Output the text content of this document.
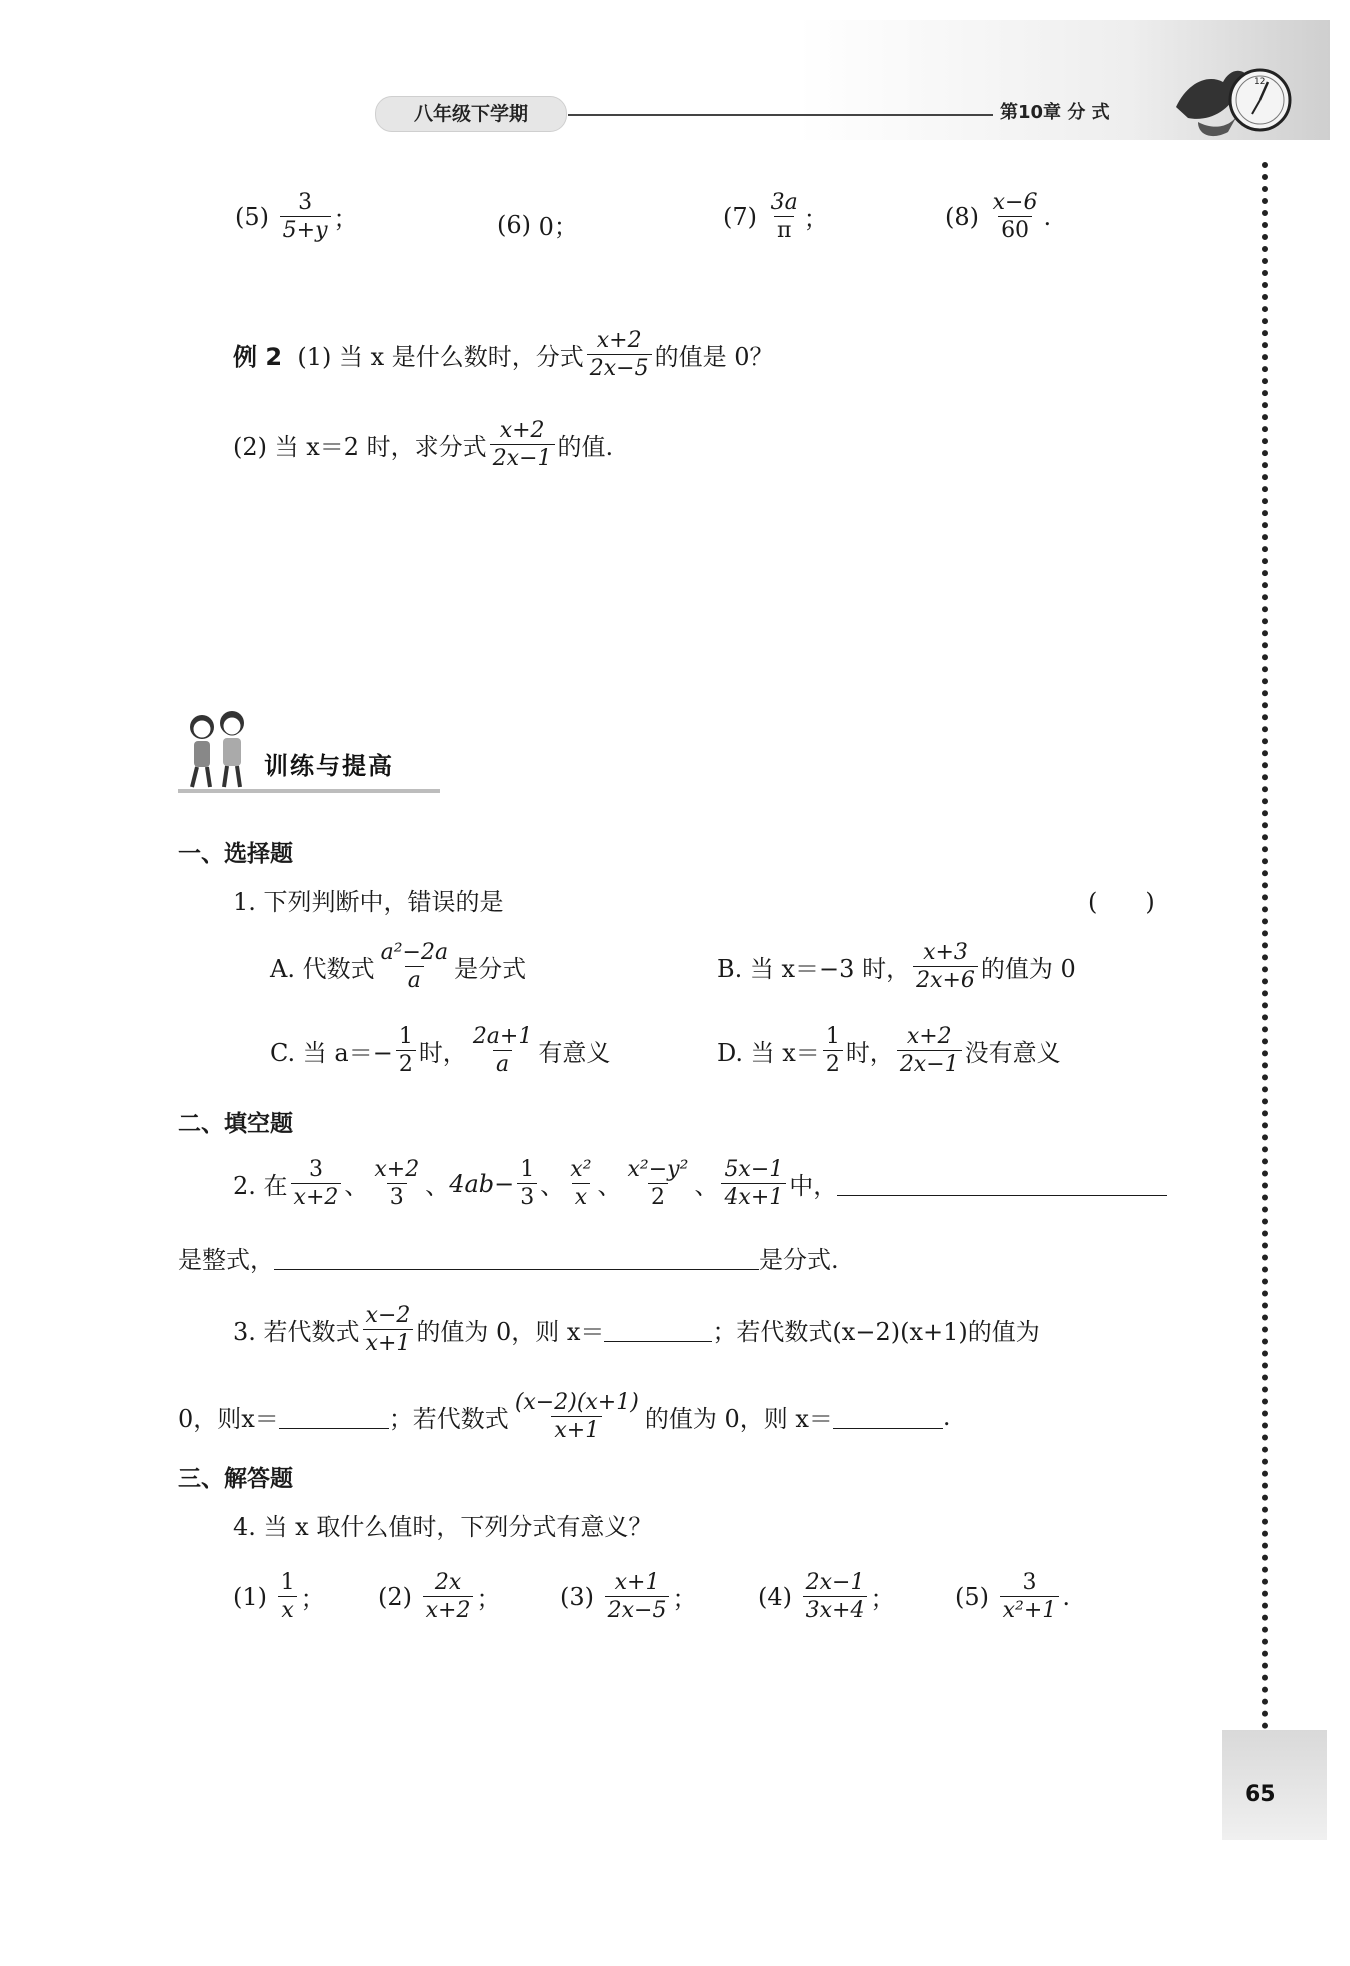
八年级下学期	第10章 分 式
12
(5)
$\frac{3}{5+y}$ ；	(6)
0；	(7)
$\frac{3a}{\pi}$ ；	(8)
$\frac{x-6}{60}$ .
例 2
(1) 当 x 是什么数时，分式 $\frac{x+2}{2x-5}$ 的值是 0？
(2) 当 x＝2 时，求分式 $\frac{x+2}{2x-1}$ 的值.
训练与提高
一、选择题
1. 下列判断中，错误的是	(　　)
A. 代数式 $\frac{\text{a²−2a}}{a}$ 是分式	B. 当 x＝−3 时， $\frac{x+3}{2x+6}$ 的值为 0
C. 当 $a=- \frac{1}{2}$ 时， $\frac{2a+1}{a}$ 有意义	D. 当 $x= \frac{1}{2}$ 时， $\frac{x+2}{2x-1}$ 没有意义
二、填空题
2. 在 $\frac{3}{x+2}$ 、 $\frac{x+2}{3}$ 、 $4ab- \frac{1}{3}$ 、 $\frac{\text{x²}}{x}$ 、 $\frac{\text{x²−y²}}{2}$ 、 $\frac{5x-1}{4x+1}$ 中，
是整式，	是分式.
3. 若代数式 $\frac{x-2}{x+1}$ 的值为 0，则 x＝	；若代数式(x−2)(x+1)的值为
0，则x＝	；若代数式 $\frac{(x-2)(x+1)}{x+1}$ 的值为 0，则 x＝	.
三、解答题
4. 当 x 取什么值时，下列分式有意义？
(1)
$\frac{1}{x}$ ； (2)
$\frac{2x}{x+2}$ ； (3)
$\frac{x+1}{2x-5}$ ；	(4)
$\frac{2x-1}{3x+4}$ ；	(5)
$\frac{3}{\text{x²+1}}$ .
65
